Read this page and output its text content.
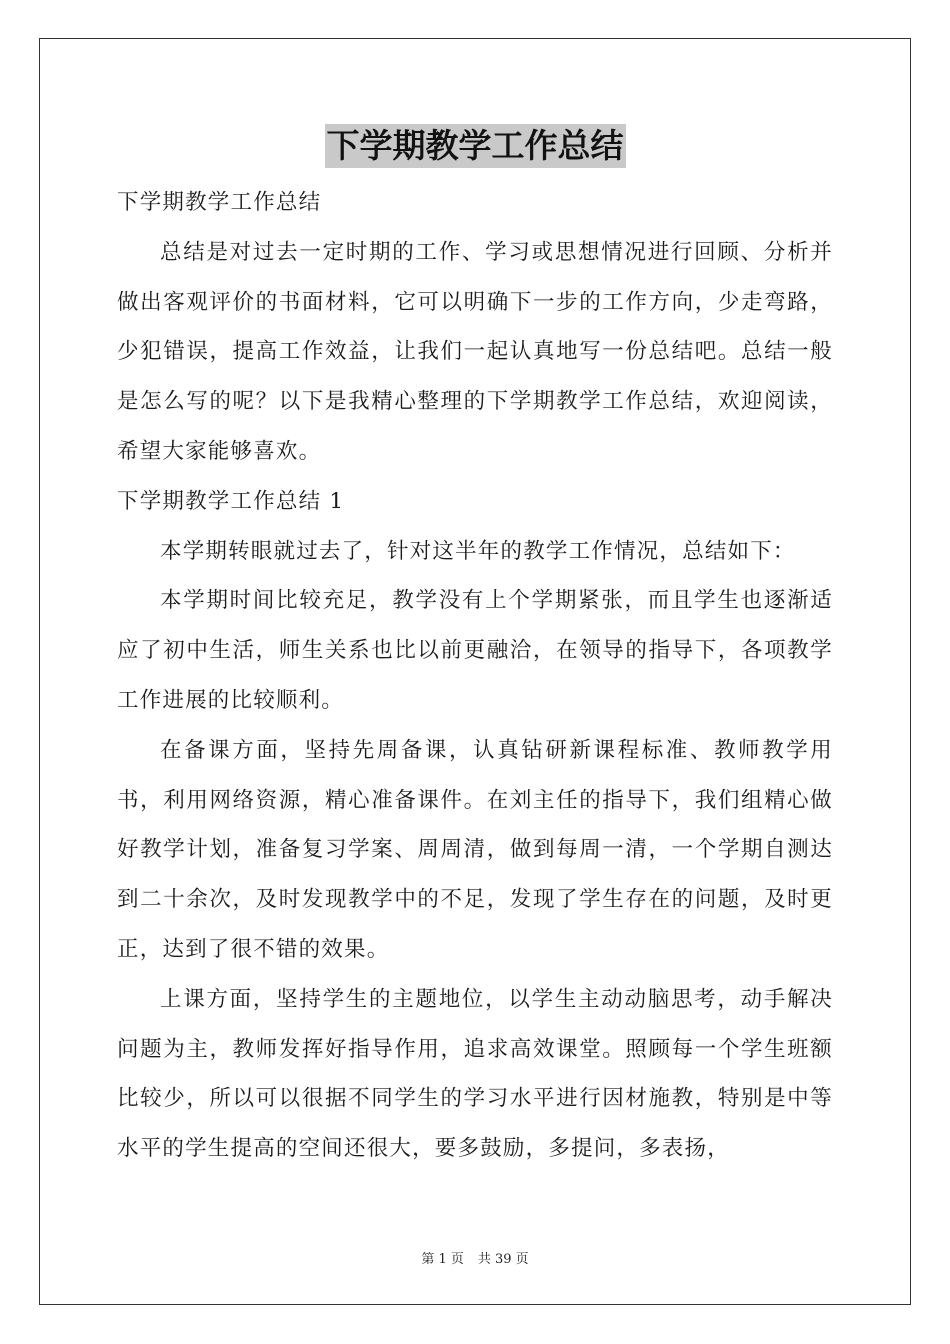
下学期教学工作总结

下学期教学工作总结

总结是对过去一定时期的工作、学习或思想情况进行回顾、分析并做出客观评价的书面材料，它可以明确下一步的工作方向，少走弯路，少犯错误，提高工作效益，让我们一起认真地写一份总结吧。总结一般是怎么写的呢？以下是我精心整理的下学期教学工作总结，欢迎阅读，希望大家能够喜欢。

下学期教学工作总结 1

本学期转眼就过去了，针对这半年的教学工作情况，总结如下：

本学期时间比较充足，教学没有上个学期紧张，而且学生也逐渐适应了初中生活，师生关系也比以前更融洽，在领导的指导下，各项教学工作进展的比较顺利。

在备课方面，坚持先周备课，认真钻研新课程标准、教师教学用书，利用网络资源，精心准备课件。在刘主任的指导下，我们组精心做好教学计划，准备复习学案、周周清，做到每周一清，一个学期自测达到二十余次，及时发现教学中的不足，发现了学生存在的问题，及时更正，达到了很不错的效果。

上课方面，坚持学生的主题地位，以学生主动动脑思考，动手解决问题为主，教师发挥好指导作用，追求高效课堂。照顾每一个学生班额比较少，所以可以很据不同学生的学习水平进行因材施教，特别是中等水平的学生提高的空间还很大，要多鼓励，多提问，多表扬，

第 1 页 共 39 页
